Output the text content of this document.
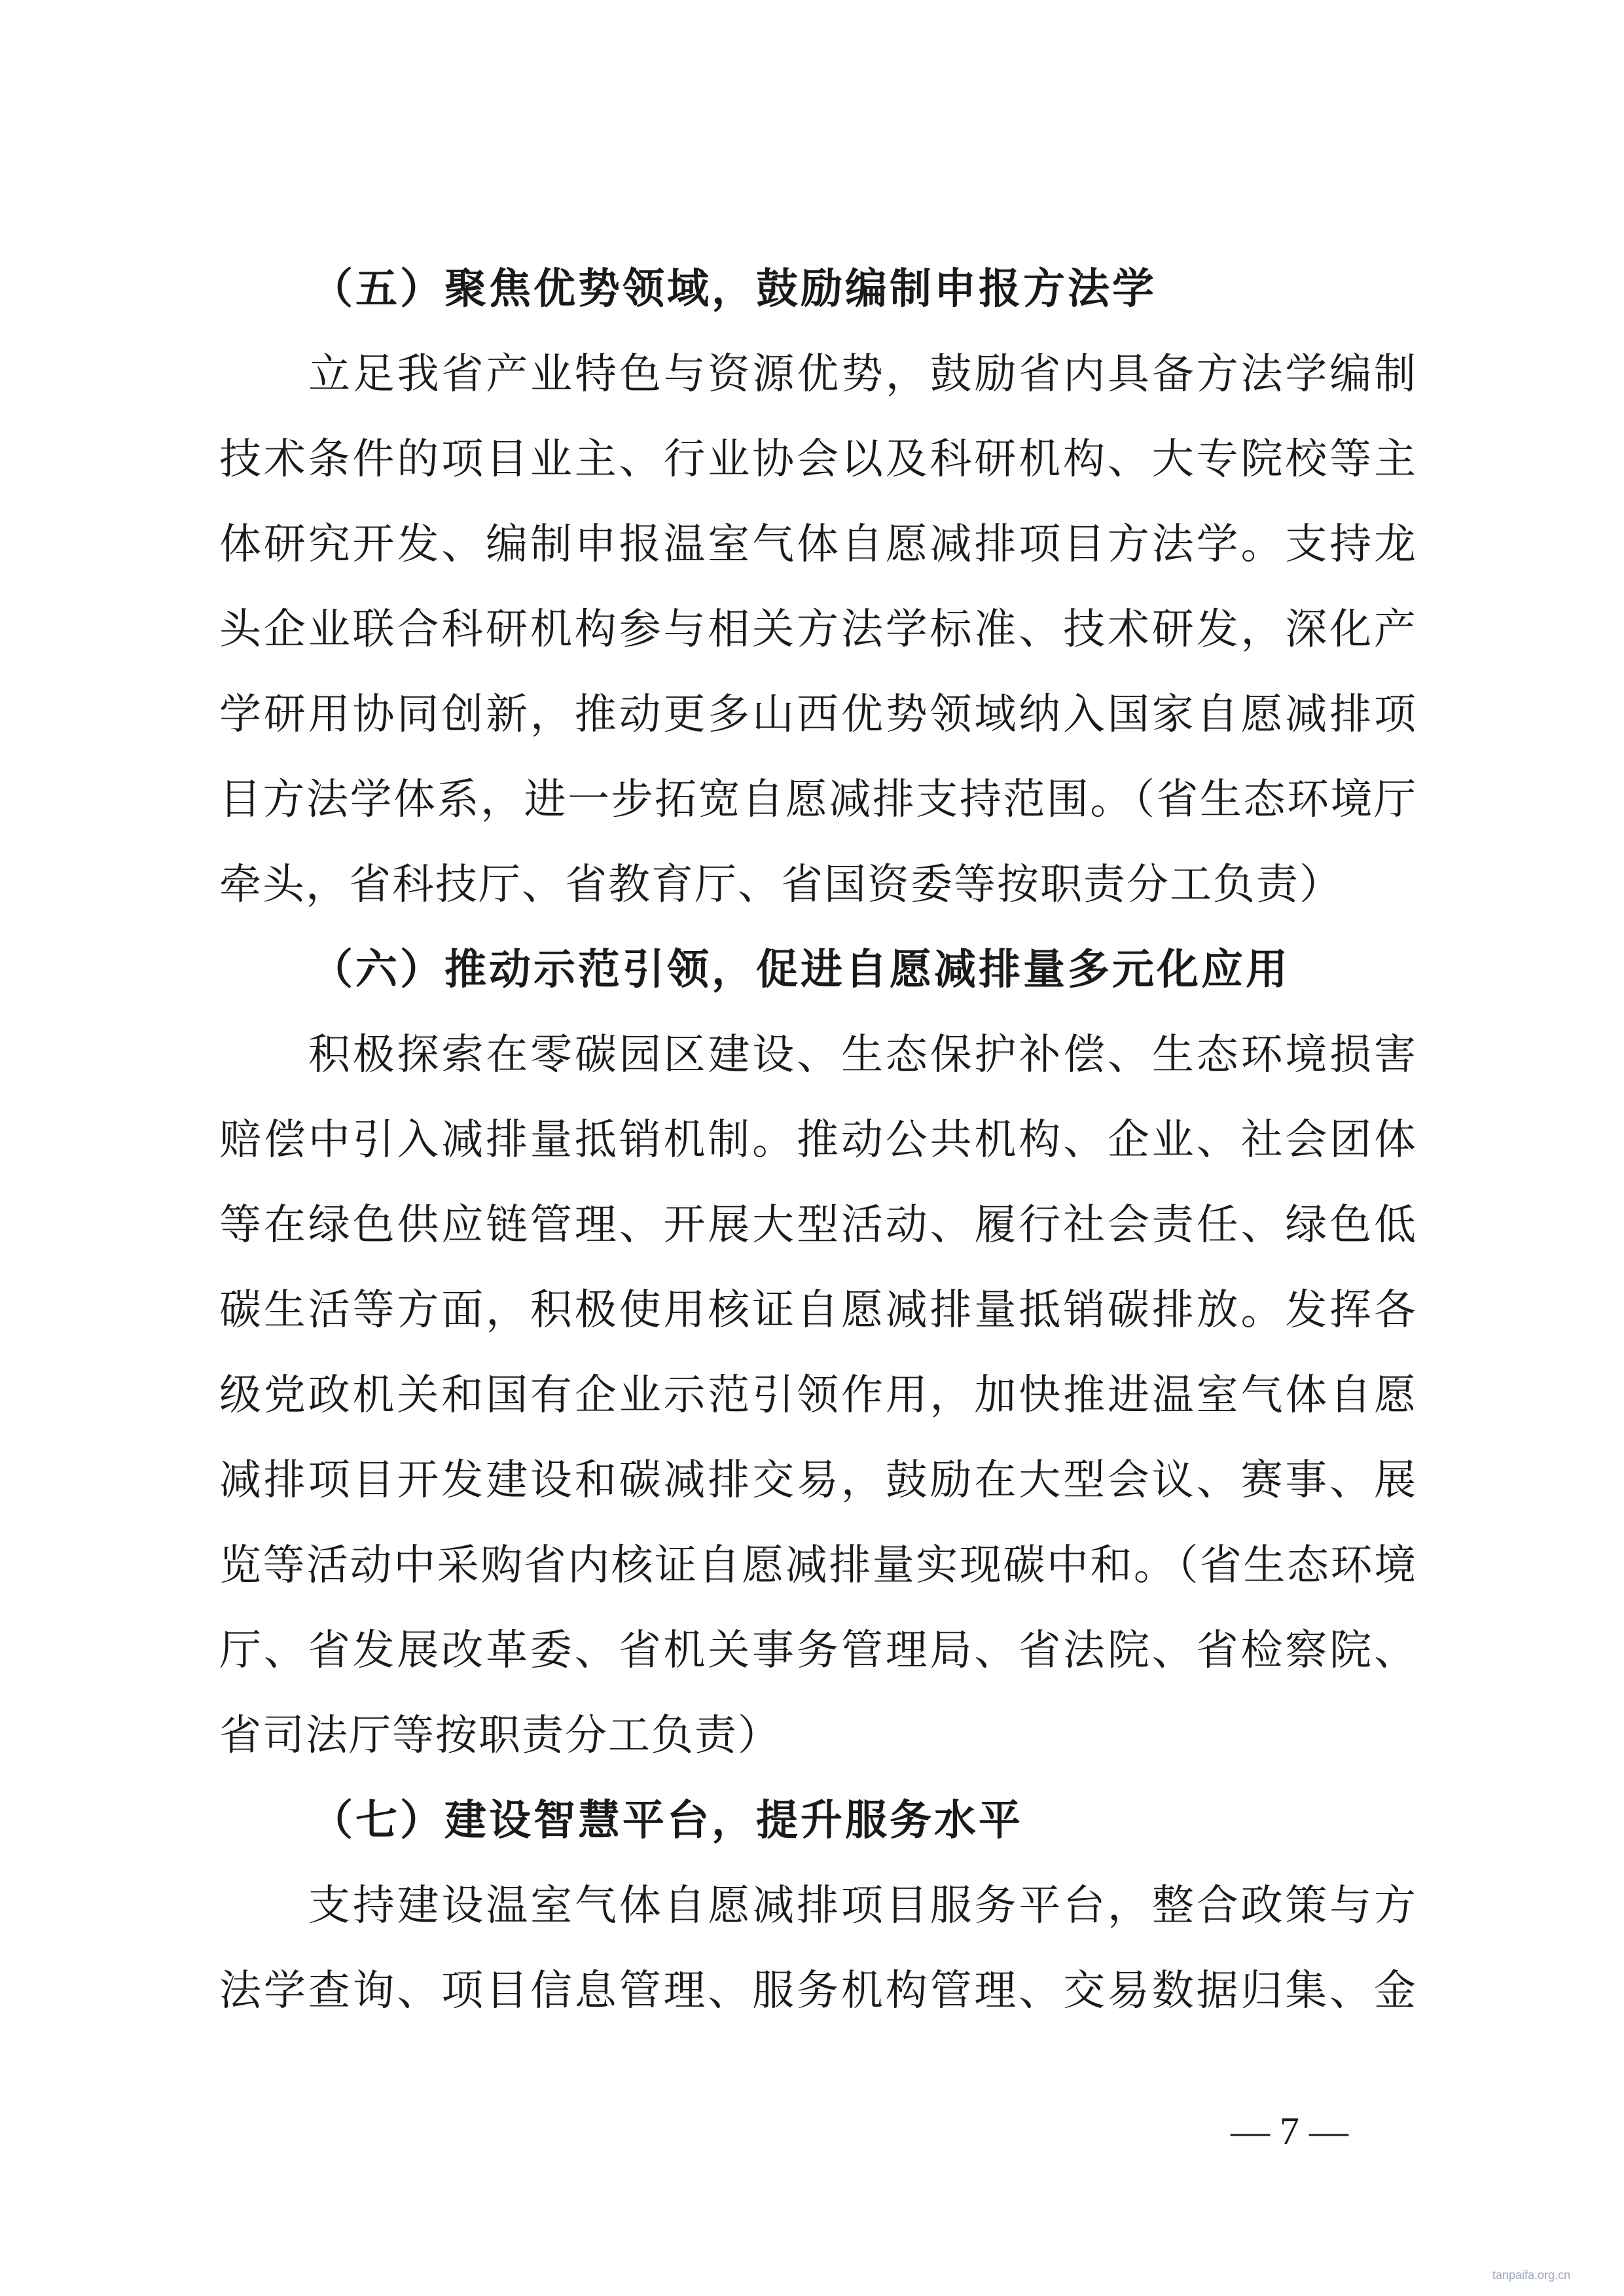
（五）聚焦优势领域，鼓励编制申报方法学
立足我省产业特色与资源优势，鼓励省内具备方法学编制
技术条件的项目业主、行业协会以及科研机构、大专院校等主
体研究开发、编制申报温室气体自愿减排项目方法学。支持龙
头企业联合科研机构参与相关方法学标准、技术研发，深化产
学研用协同创新，推动更多山西优势领域纳入国家自愿减排项
目方法学体系，进一步拓宽自愿减排支持范围。（省生态环境厅
牵头，省科技厅、省教育厅、省国资委等按职责分工负责）
（六）推动示范引领，促进自愿减排量多元化应用
积极探索在零碳园区建设、生态保护补偿、生态环境损害
赔偿中引入减排量抵销机制。推动公共机构、企业、社会团体
等在绿色供应链管理、开展大型活动、履行社会责任、绿色低
碳生活等方面，积极使用核证自愿减排量抵销碳排放。发挥各
级党政机关和国有企业示范引领作用，加快推进温室气体自愿
减排项目开发建设和碳减排交易，鼓励在大型会议、赛事、展
览等活动中采购省内核证自愿减排量实现碳中和。（省生态环境
厅、省发展改革委、省机关事务管理局、省法院、省检察院、
省司法厅等按职责分工负责）
（七）建设智慧平台，提升服务水平
支持建设温室气体自愿减排项目服务平台，整合政策与方
法学查询、项目信息管理、服务机构管理、交易数据归集、金
— 7 —
tanpaifa.org.cn
